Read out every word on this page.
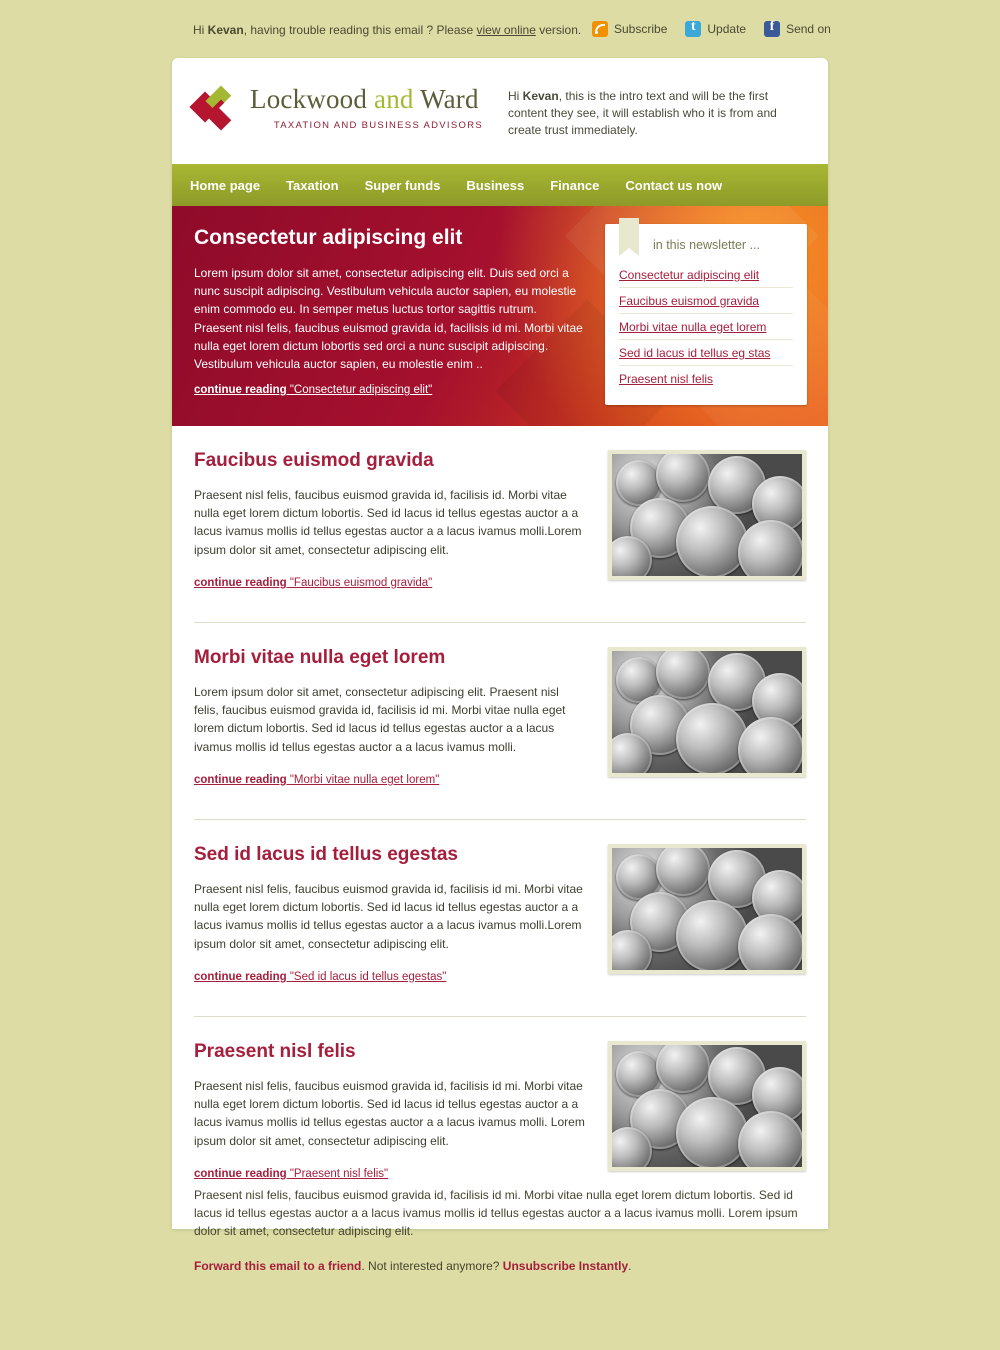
Hi Kevan, having trouble reading this email ? Please view online version.	Subscribe t	Update f	Send on
Lockwood and Ward
TAXATION AND BUSINESS ADVISORS
Hi Kevan, this is the intro text and will be the first content they see, it will establish who it is from and create trust immediately.
Home page Taxation Super funds Business Finance Contact us now
Consectetur adipiscing elit
Lorem ipsum dolor sit amet, consectetur adipiscing elit. Duis sed orci a nunc suscipit adipiscing. Vestibulum vehicula auctor sapien, eu molestie enim commodo eu. In semper metus luctus tortor sagittis rutrum. Praesent nisl felis, faucibus euismod gravida id, facilisis id mi. Morbi vitae nulla eget lorem dictum lobortis sed orci a nunc suscipit adipiscing. Vestibulum vehicula auctor sapien, eu molestie enim ..
continue reading "Consectetur adipiscing elit"
in this newsletter ...
Consectetur adipiscing elit
Faucibus euismod gravida
Morbi vitae nulla eget lorem
Sed id lacus id tellus eg stas
Praesent nisl felis
Faucibus euismod gravida

Praesent nisl felis, faucibus euismod gravida id, facilisis id. Morbi vitae nulla eget lorem dictum lobortis. Sed id lacus id tellus egestas auctor a a lacus ivamus mollis id tellus egestas auctor a a lacus ivamus molli.Lorem ipsum dolor sit amet, consectetur adipiscing elit.

continue reading "Faucibus euismod gravida"
Morbi vitae nulla eget lorem

Lorem ipsum dolor sit amet, consectetur adipiscing elit. Praesent nisl felis, faucibus euismod gravida id, facilisis id mi. Morbi vitae nulla eget lorem dictum lobortis. Sed id lacus id tellus egestas auctor a a lacus ivamus mollis id tellus egestas auctor a a lacus ivamus molli.

continue reading "Morbi vitae nulla eget lorem"
Sed id lacus id tellus egestas

Praesent nisl felis, faucibus euismod gravida id, facilisis id mi. Morbi vitae nulla eget lorem dictum lobortis. Sed id lacus id tellus egestas auctor a a lacus ivamus mollis id tellus egestas auctor a a lacus ivamus molli.Lorem ipsum dolor sit amet, consectetur adipiscing elit.

continue reading "Sed id lacus id tellus egestas"
Praesent nisl felis

Praesent nisl felis, faucibus euismod gravida id, facilisis id mi. Morbi vitae nulla eget lorem dictum lobortis. Sed id lacus id tellus egestas auctor a a lacus ivamus mollis id tellus egestas auctor a a lacus ivamus molli. Lorem ipsum dolor sit amet, consectetur adipiscing elit.

continue reading "Praesent nisl felis"

Praesent nisl felis, faucibus euismod gravida id, facilisis id mi. Morbi vitae nulla eget lorem dictum lobortis. Sed id lacus id tellus egestas auctor a a lacus ivamus mollis id tellus egestas auctor a a lacus ivamus molli. Lorem ipsum dolor sit amet, consectetur adipiscing elit.

Forward this email to a friend. Not interested anymore? Unsubscribe Instantly.
